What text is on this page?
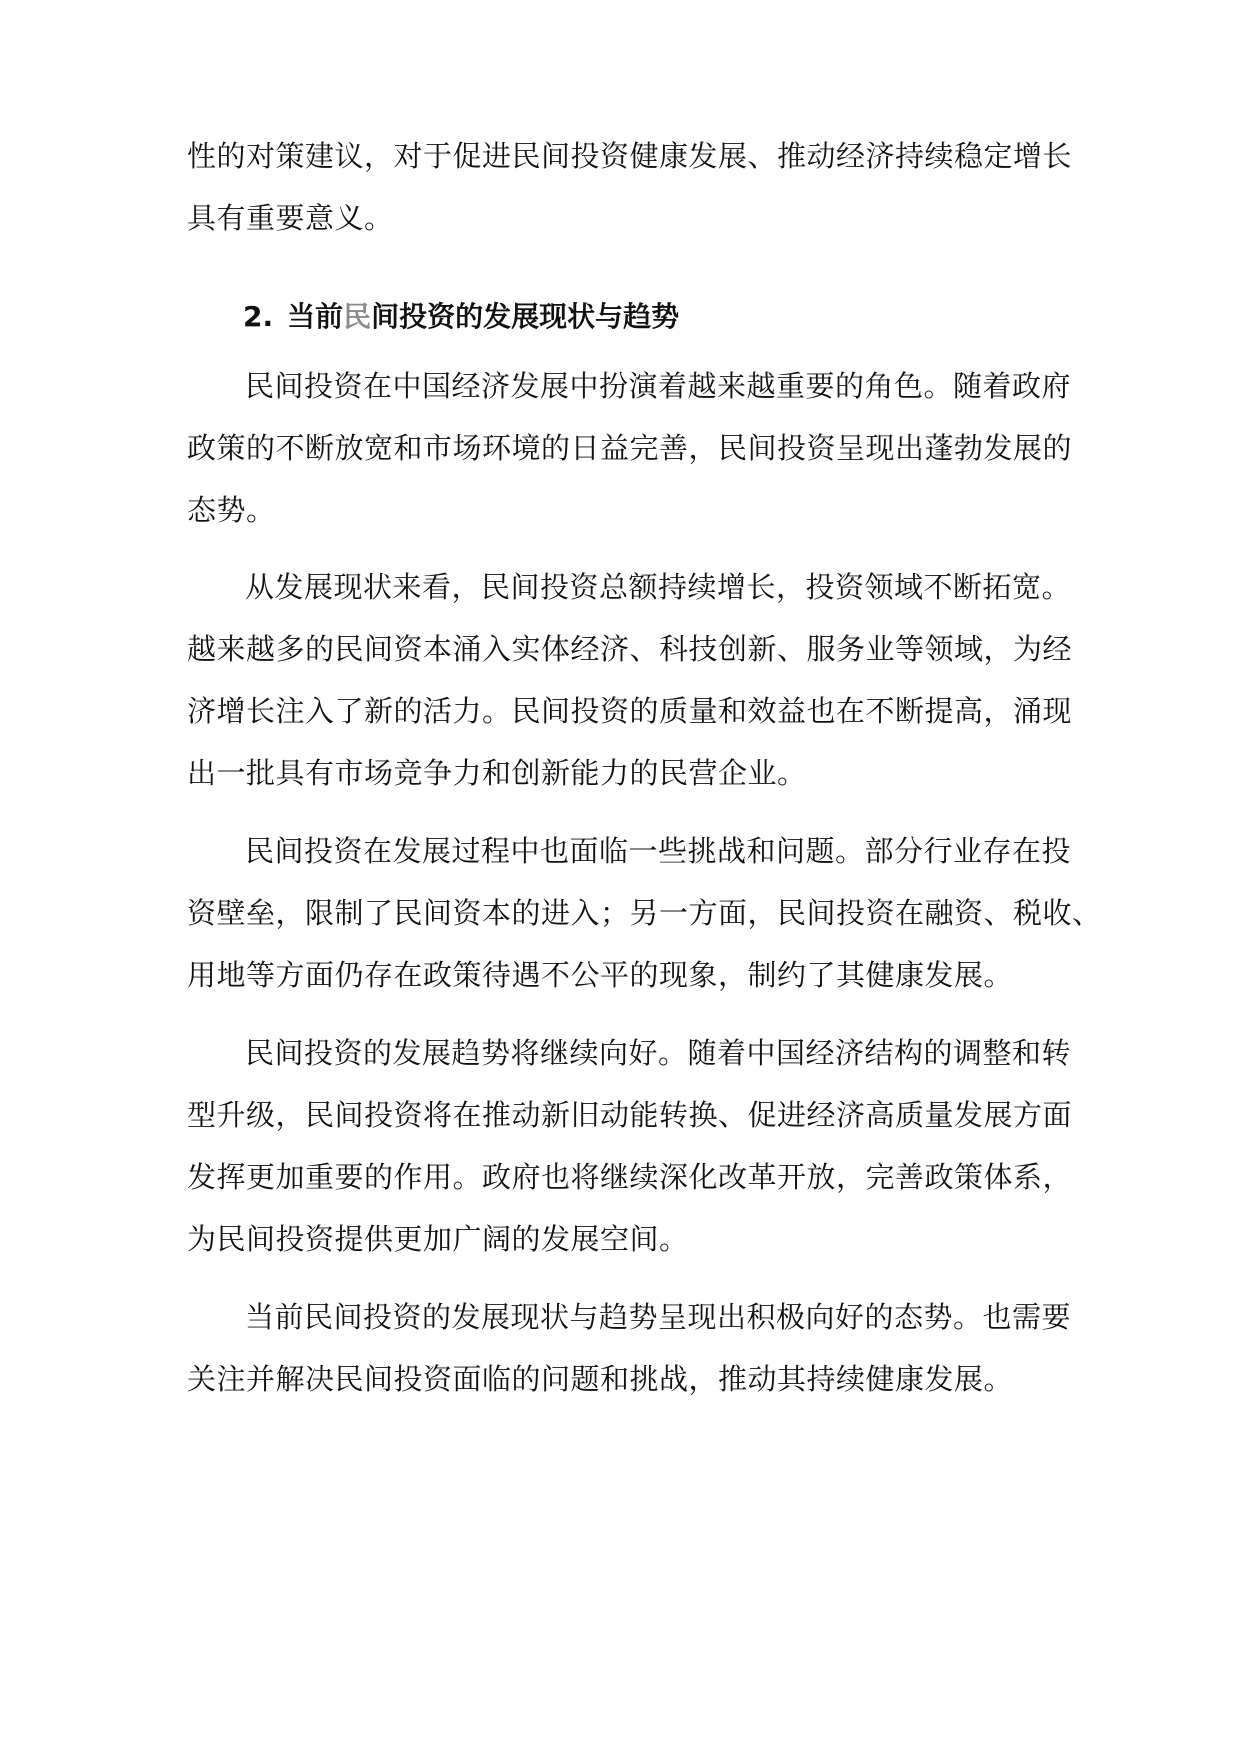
性的对策建议，对于促进民间投资健康发展、推动经济持续稳定增长
具有重要意义。
2. 当前民间投资的发展现状与趋势
民间投资在中国经济发展中扮演着越来越重要的角色。随着政府
政策的不断放宽和市场环境的日益完善，民间投资呈现出蓬勃发展的
态势。
从发展现状来看，民间投资总额持续增长，投资领域不断拓宽。
越来越多的民间资本涌入实体经济、科技创新、服务业等领域，为经
济增长注入了新的活力。民间投资的质量和效益也在不断提高，涌现
出一批具有市场竞争力和创新能力的民营企业。
民间投资在发展过程中也面临一些挑战和问题。部分行业存在投
资壁垒，限制了民间资本的进入；另一方面，民间投资在融资、税收、
用地等方面仍存在政策待遇不公平的现象，制约了其健康发展。
民间投资的发展趋势将继续向好。随着中国经济结构的调整和转
型升级，民间投资将在推动新旧动能转换、促进经济高质量发展方面
发挥更加重要的作用。政府也将继续深化改革开放，完善政策体系，
为民间投资提供更加广阔的发展空间。
当前民间投资的发展现状与趋势呈现出积极向好的态势。也需要
关注并解决民间投资面临的问题和挑战，推动其持续健康发展。
